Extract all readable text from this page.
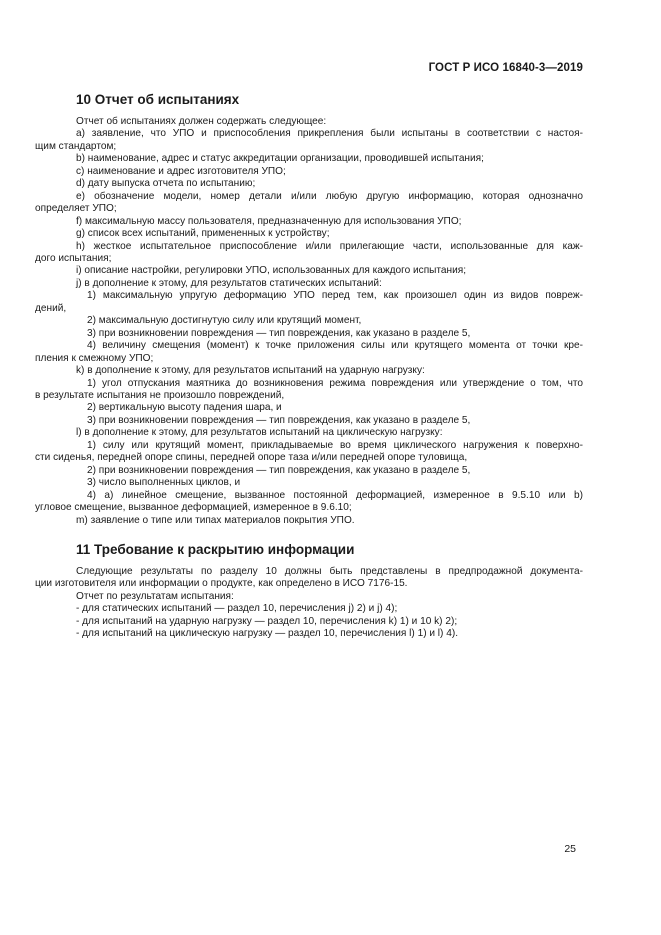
ГОСТ Р ИСО 16840-3—2019
10 Отчет об испытаниях

Отчет об испытаниях должен содержать следующее:

a) заявление, что УПО и приспособления прикрепления были испытаны в соответствии с настоя-

щим стандартом;

b) наименование, адрес и статус аккредитации организации, проводившей испытания;

c) наименование и адрес изготовителя УПО;

d) дату выпуска отчета по испытанию;

e) обозначение модели, номер детали и/или любую другую информацию, которая однозначно

определяет УПО;

f) максимальную массу пользователя, предназначенную для использования УПО;

g) список всех испытаний, примененных к устройству;

h) жесткое испытательное приспособление и/или прилегающие части, использованные для каж-

дого испытания;

i) описание настройки, регулировки УПО, использованных для каждого испытания;

j) в дополнение к этому, для результатов статических испытаний:

1) максимальную упругую деформацию УПО перед тем, как произошел один из видов повреж-

дений,

2) максимальную достигнутую силу или крутящий момент,

3) при возникновении повреждения — тип повреждения, как указано в разделе 5,

4) величину смещения (момент) к точке приложения силы или крутящего момента от точки кре-

пления к смежному УПО;

k) в дополнение к этому, для результатов испытаний на ударную нагрузку:

1) угол отпускания маятника до возникновения режима повреждения или утверждение о том, что

в результате испытания не произошло повреждений,

2) вертикальную высоту падения шара, и

3) при возникновении повреждения — тип повреждения, как указано в разделе 5,

l) в дополнение к этому, для результатов испытаний на циклическую нагрузку:

1) силу или крутящий момент, прикладываемые во время циклического нагружения к поверхно-

сти сиденья, передней опоре спины, передней опоре таза и/или передней опоре туловища,

2) при возникновении повреждения — тип повреждения, как указано в разделе 5,

3) число выполненных циклов, и

4) а) линейное смещение, вызванное постоянной деформацией, измеренное в 9.5.10 или b)

угловое смещение, вызванное деформацией, измеренное в 9.6.10;

m) заявление о типе или типах материалов покрытия УПО.

11 Требование к раскрытию информации

Следующие результаты по разделу 10 должны быть представлены в предпродажной документа-

ции изготовителя или информации о продукте, как определено в ИСО 7176-15.

Отчет по результатам испытания:

- для статических испытаний — раздел 10, перечисления j) 2) и j) 4);

- для испытаний на ударную нагрузку — раздел 10, перечисления k) 1) и 10 k) 2);

- для испытаний на циклическую нагрузку — раздел 10, перечисления l) 1) и l) 4).

25
